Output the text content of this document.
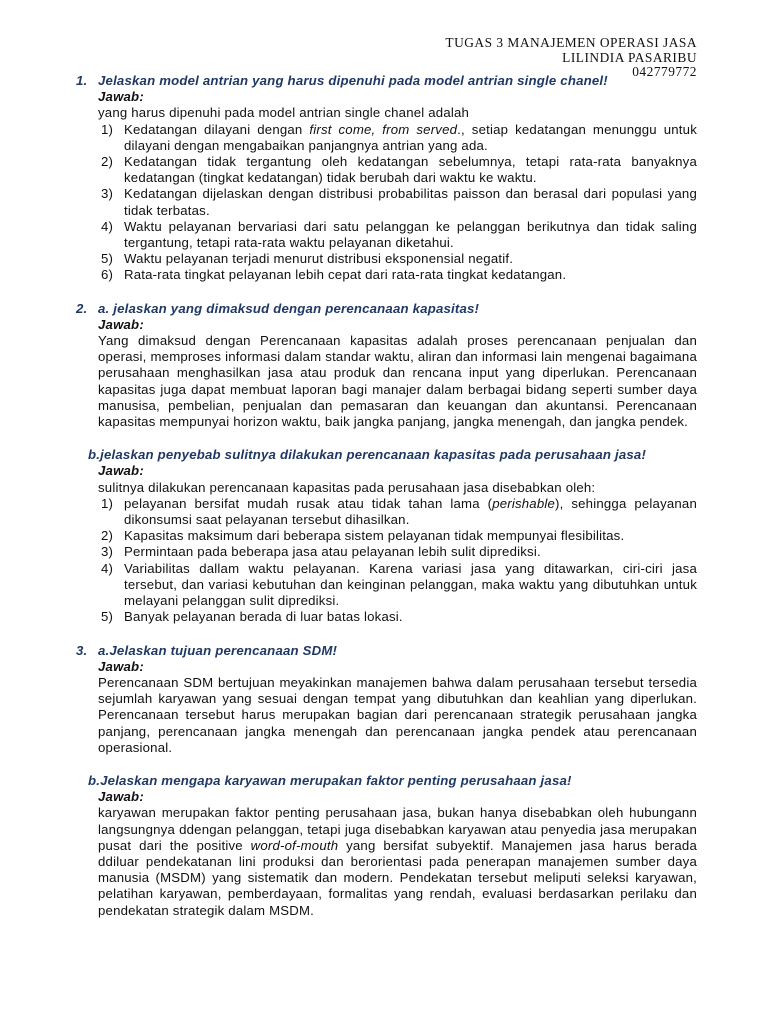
TUGAS 3 MANAJEMEN OPERASI JASA
LILINDIA PASARIBU
042779772
1. Jelaskan model antrian yang harus dipenuhi pada model antrian single chanel!
Jawab:
yang harus dipenuhi pada model antrian single chanel adalah
1) Kedatangan dilayani dengan first come, from served., setiap kedatangan menunggu untuk dilayani dengan mengabaikan panjangnya antrian yang ada.
2) Kedatangan tidak tergantung oleh kedatangan sebelumnya, tetapi rata-rata banyaknya kedatangan (tingkat kedatangan) tidak berubah dari waktu ke waktu.
3) Kedatangan dijelaskan dengan distribusi probabilitas paisson dan berasal dari populasi yang tidak terbatas.
4) Waktu pelayanan bervariasi dari satu pelanggan ke pelanggan berikutnya dan tidak saling tergantung, tetapi rata-rata waktu pelayanan diketahui.
5) Waktu pelayanan terjadi menurut distribusi eksponensial negatif.
6) Rata-rata tingkat pelayanan lebih cepat dari rata-rata tingkat kedatangan.
2. a. jelaskan yang dimaksud dengan perencanaan kapasitas!
Jawab:
Yang dimaksud dengan Perencanaan kapasitas adalah proses perencanaan penjualan dan operasi, memproses informasi dalam standar waktu, aliran dan informasi lain mengenai bagaimana perusahaan menghasilkan jasa atau produk dan rencana input yang diperlukan. Perencanaan kapasitas juga dapat membuat laporan bagi manajer dalam berbagai bidang seperti sumber daya manusisa, pembelian, penjualan dan pemasaran dan keuangan dan akuntansi. Perencanaan kapasitas mempunyai horizon waktu, baik jangka panjang, jangka menengah, dan jangka pendek.
b.jelaskan penyebab sulitnya dilakukan perencanaan kapasitas pada perusahaan jasa!
Jawab:
sulitnya dilakukan perencanaan kapasitas pada perusahaan jasa disebabkan oleh:
1) pelayanan bersifat mudah rusak atau tidak tahan lama (perishable), sehingga pelayanan dikonsumsi saat pelayanan tersebut dihasilkan.
2) Kapasitas maksimum dari beberapa sistem pelayanan tidak mempunyai flesibilitas.
3) Permintaan pada beberapa jasa atau pelayanan lebih sulit diprediksi.
4) Variabilitas dallam waktu pelayanan. Karena variasi jasa yang ditawarkan, ciri-ciri jasa tersebut, dan variasi kebutuhan dan keinginan pelanggan, maka waktu yang dibutuhkan untuk melayani pelanggan sulit diprediksi.
5) Banyak pelayanan berada di luar batas lokasi.
3. a.Jelaskan tujuan perencanaan SDM!
Jawab:
Perencanaan SDM bertujuan meyakinkan manajemen bahwa dalam perusahaan tersebut tersedia sejumlah karyawan yang sesuai dengan tempat yang dibutuhkan dan keahlian yang diperlukan. Perencanaan tersebut harus merupakan bagian dari perencanaan strategik perusahaan jangka panjang, perencanaan jangka menengah dan perencanaan jangka pendek atau perencanaan operasional.
b.Jelaskan mengapa karyawan merupakan faktor penting perusahaan jasa!
Jawab:
karyawan merupakan faktor penting perusahaan jasa, bukan hanya disebabkan oleh hubungann langsungnya ddengan pelanggan, tetapi juga disebabkan karyawan atau penyedia jasa merupakan pusat dari the positive word-of-mouth yang bersifat subyektif. Manajemen jasa harus berada ddiluar pendekatanan lini produksi dan berorientasi pada penerapan manajemen sumber daya manusia (MSDM) yang sistematik dan modern. Pendekatan tersebut meliputi seleksi karyawan, pelatihan karyawan, pemberdayaan, formalitas yang rendah, evaluasi berdasarkan perilaku dan pendekatan strategik dalam MSDM.
